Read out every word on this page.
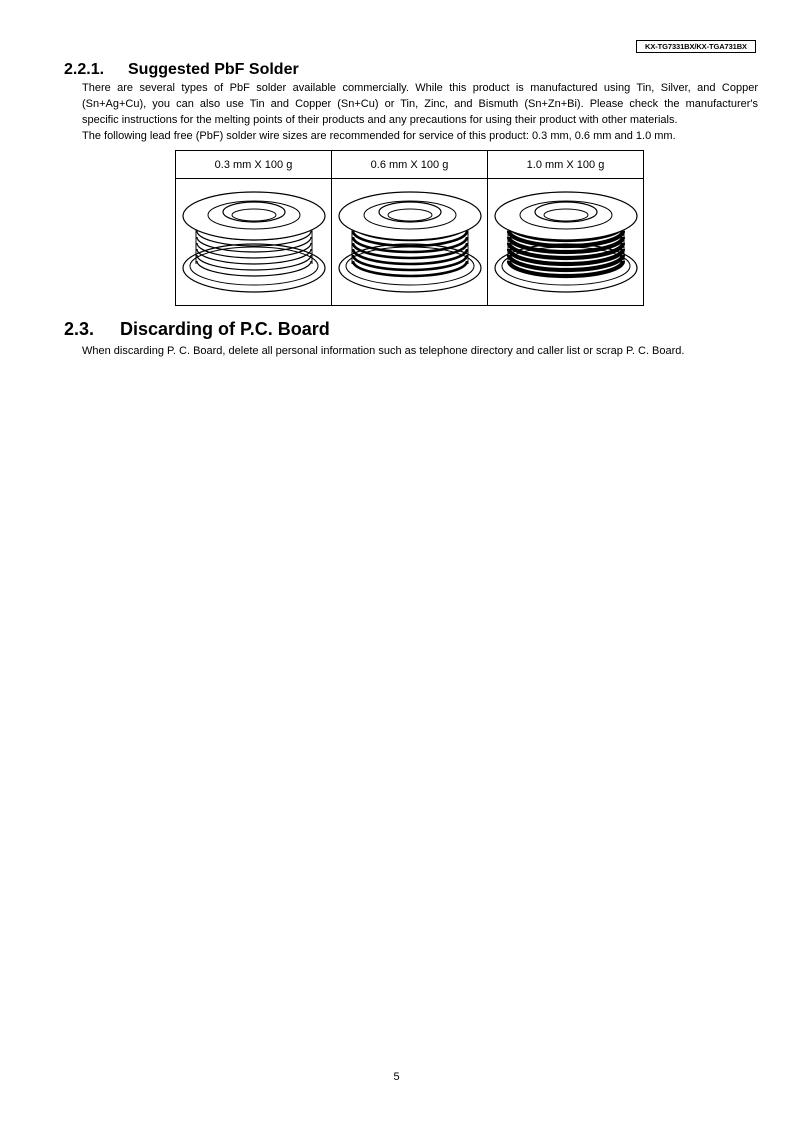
KX-TG7331BX/KX-TGA731BX
2.2.1. Suggested PbF Solder
There are several types of PbF solder available commercially. While this product is manufactured using Tin, Silver, and Copper
(Sn+Ag+Cu), you can also use Tin and Copper (Sn+Cu) or Tin, Zinc, and Bismuth (Sn+Zn+Bi). Please check the manufacturer's
specific instructions for the melting points of their products and any precautions for using their product with other materials.
The following lead free (PbF) solder wire sizes are recommended for service of this product: 0.3 mm, 0.6 mm and 1.0 mm.
0.3 mm X 100 g	0.6 mm X 100 g	1.0 mm X 100 g

2.3. Discarding of P.C. Board

When discarding P. C. Board, delete all personal information such as telephone directory and caller list or scrap P. C. Board.

5
